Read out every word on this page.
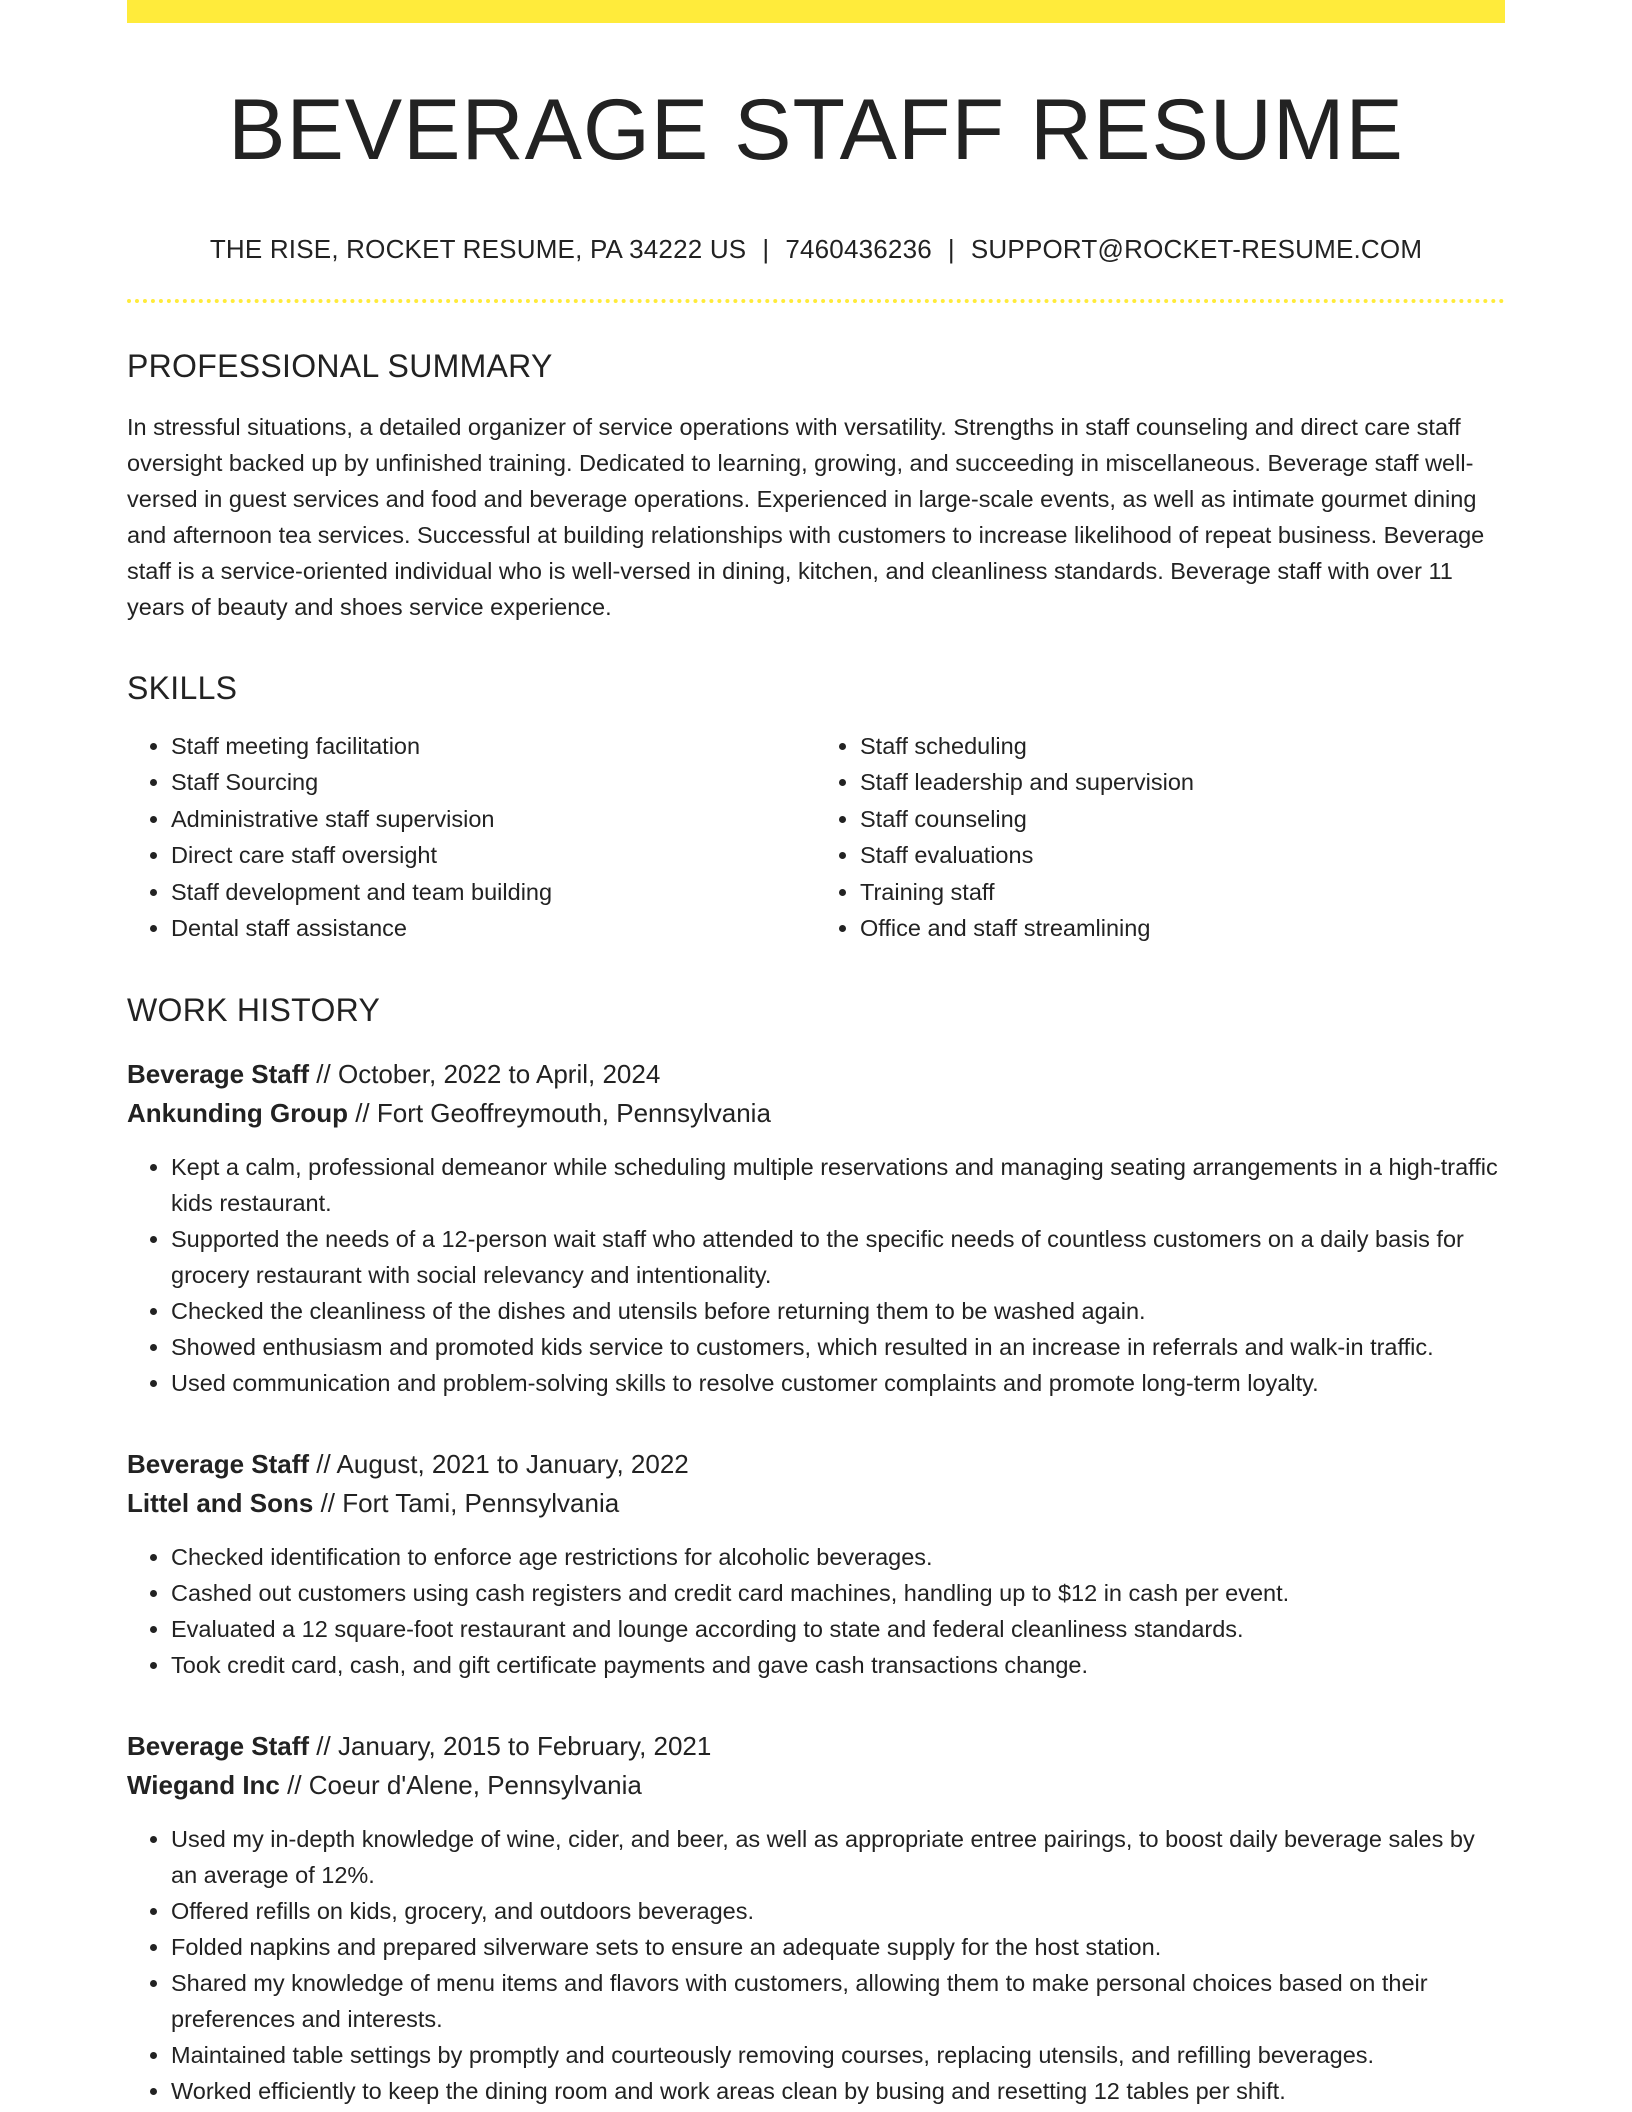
BEVERAGE STAFF RESUME
THE RISE, ROCKET RESUME, PA 34222 US | 7460436236 | SUPPORT@ROCKET-RESUME.COM
PROFESSIONAL SUMMARY

In stressful situations, a detailed organizer of service operations with versatility. Strengths in staff counseling and direct care staff oversight backed up by unfinished training. Dedicated to learning, growing, and succeeding in miscellaneous. Beverage staff well-versed in guest services and food and beverage operations. Experienced in large-scale events, as well as intimate gourmet dining and afternoon tea services. Successful at building relationships with customers to increase likelihood of repeat business. Beverage staff is a service-oriented individual who is well-versed in dining, kitchen, and cleanliness standards. Beverage staff with over 11 years of beauty and shoes service experience.

SKILLS
• Staff meeting facilitation
• Staff Sourcing
• Administrative staff supervision
• Direct care staff oversight
• Staff development and team building
• Dental staff assistance
• Staff scheduling
• Staff leadership and supervision
• Staff counseling
• Staff evaluations
• Training staff
• Office and staff streamlining
WORK HISTORY
Beverage Staff // October, 2022 to April, 2024
Ankunding Group // Fort Geoffreymouth, Pennsylvania
• Kept a calm, professional demeanor while scheduling multiple reservations and managing seating arrangements in a high-traffic kids restaurant.
• Supported the needs of a 12-person wait staff who attended to the specific needs of countless customers on a daily basis for grocery restaurant with social relevancy and intentionality.
• Checked the cleanliness of the dishes and utensils before returning them to be washed again.
• Showed enthusiasm and promoted kids service to customers, which resulted in an increase in referrals and walk-in traffic.
• Used communication and problem-solving skills to resolve customer complaints and promote long-term loyalty.
Beverage Staff // August, 2021 to January, 2022
Littel and Sons // Fort Tami, Pennsylvania
• Checked identification to enforce age restrictions for alcoholic beverages.
• Cashed out customers using cash registers and credit card machines, handling up to $12 in cash per event.
• Evaluated a 12 square-foot restaurant and lounge according to state and federal cleanliness standards.
• Took credit card, cash, and gift certificate payments and gave cash transactions change.
Beverage Staff // January, 2015 to February, 2021
Wiegand Inc // Coeur d'Alene, Pennsylvania
• Used my in-depth knowledge of wine, cider, and beer, as well as appropriate entree pairings, to boost daily beverage sales by an average of 12%.
• Offered refills on kids, grocery, and outdoors beverages.
• Folded napkins and prepared silverware sets to ensure an adequate supply for the host station.
• Shared my knowledge of menu items and flavors with customers, allowing them to make personal choices based on their preferences and interests.
• Maintained table settings by promptly and courteously removing courses, replacing utensils, and refilling beverages.
• Worked efficiently to keep the dining room and work areas clean by busing and resetting 12 tables per shift.
